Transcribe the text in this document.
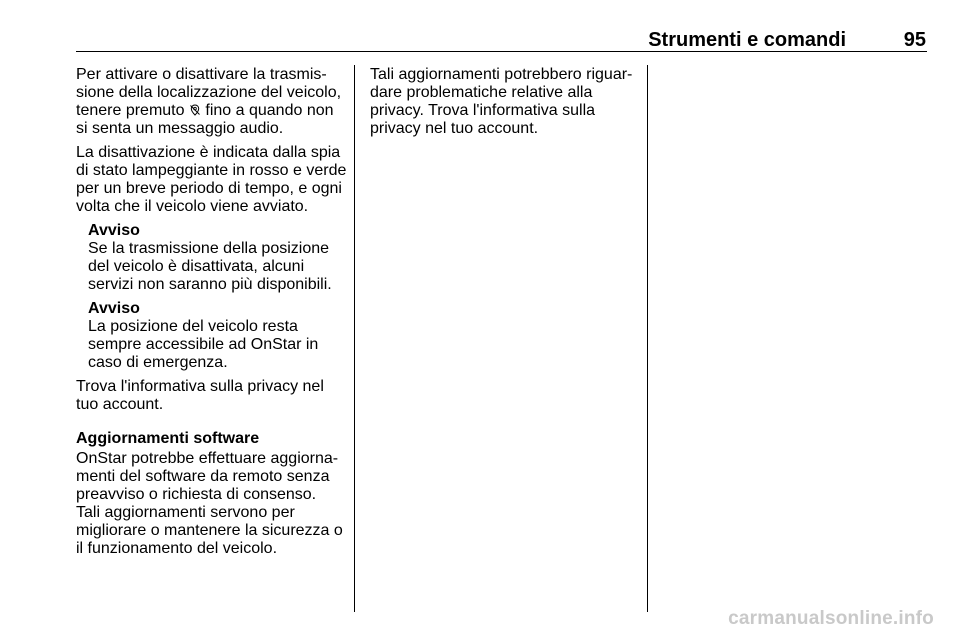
Strumenti e comandi	95

Per attivare o disattivare la trasmis-
sione della localizzazione del veicolo,
tenere premuto  fino a quando non
si senta un messaggio audio.

La disattivazione è indicata dalla spia
di stato lampeggiante in rosso e verde
per un breve periodo di tempo, e ogni
volta che il veicolo viene avviato.

Avviso
Se la trasmissione della posizione
del veicolo è disattivata, alcuni
servizi non saranno più disponibili.
Avviso
La posizione del veicolo resta
sempre accessibile ad OnStar in
caso di emergenza.

Trova l'informativa sulla privacy nel
tuo account.

Aggiornamenti software
OnStar potrebbe effettuare aggiorna-
menti del software da remoto senza
preavviso o richiesta di consenso.
Tali aggiornamenti servono per
migliorare o mantenere la sicurezza o
il funzionamento del veicolo.

Tali aggiornamenti potrebbero riguar-
dare problematiche relative alla
privacy. Trova l'informativa sulla
privacy nel tuo account.

carmanualsonline.info
